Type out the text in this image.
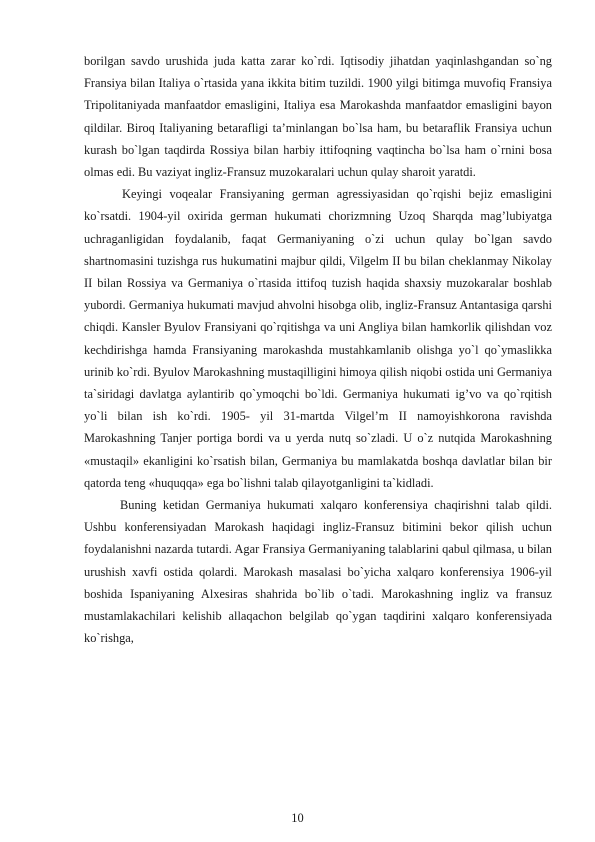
borilgan savdo urushida juda katta zarar ko`rdi. Iqtisodiy jihatdan yaqinlashgandan so`ng Fransiya bilan Italiya o`rtasida yana ikkita bitim tuzildi. 1900 yilgi bitimga muvofiq Fransiya Tripolitaniyada manfaatdor emasligini, Italiya esa Marokashda manfaatdor emasligini bayon qildilar. Biroq Italiyaning betarafligi ta’minlangan bo`lsa ham, bu betaraflik Fransiya uchun kurash bo`lgan taqdirda Rossiya bilan harbiy ittifoqning vaqtincha bo`lsa ham o`rnini bosa olmas edi. Bu vaziyat ingliz-Fransuz muzokaralari uchun qulay sharoit yaratdi.

Keyingi voqealar Fransiyaning german agressiyasidan qo`rqishi bejiz emasligini ko`rsatdi. 1904-yil oxirida german hukumati chorizmning Uzoq Sharqda mag’lubiyatga uchraganligidan foydalanib, faqat Germaniyaning o`zi uchun qulay bo`lgan savdo shartnomasini tuzishga rus hukumatini majbur qildi, Vilgelm II bu bilan cheklanmay Nikolay II bilan Rossiya va Germaniya o`rtasida ittifoq tuzish haqida shaxsiy muzokaralar boshlab yubordi. Germaniya hukumati mavjud ahvolni hisobga olib, ingliz-Fransuz Antantasiga qarshi chiqdi. Kansler Byulov Fransiyani qo`rqitishga va uni Angliya bilan hamkorlik qilishdan voz kechdirishga hamda Fransiyaning marokashda mustahkamlanib olishga yo`l qo`ymaslikka urinib ko`rdi. Byulov Marokashning mustaqilligini himoya qilish niqobi ostida uni Germaniya ta`siridagi davlatga aylantirib qo`ymoqchi bo`ldi. Germaniya hukumati ig’vo va qo`rqitish yo`li bilan ish ko`rdi. 1905- yil 31-martda Vilgel’m II namoyishkorona ravishda Marokashning Tanjer portiga bordi va u yerda nutq so`zladi. U o`z nutqida Marokashning «mustaqil» ekanligini ko`rsatish bilan, Germaniya bu mamlakatda boshqa davlatlar bilan bir qatorda teng «huquqqa» ega bo`lishni talab qilayotganligini ta`kidladi.

Buning ketidan Germaniya hukumati xalqaro konferensiya chaqirishni talab qildi. Ushbu konferensiyadan Marokash haqidagi ingliz-Fransuz bitimini bekor qilish uchun foydalanishni nazarda tutardi. Agar Fransiya Germaniyaning talablarini qabul qilmasa, u bilan urushish xavfi ostida qolardi. Marokash masalasi bo`yicha xalqaro konferensiya 1906-yil boshida Ispaniyaning Alxesiras shahrida bo`lib o`tadi. Marokashning ingliz va fransuz mustamlakachilari kelishib allaqachon belgilab qo`ygan taqdirini xalqaro konferensiyada ko`rishga,

10
